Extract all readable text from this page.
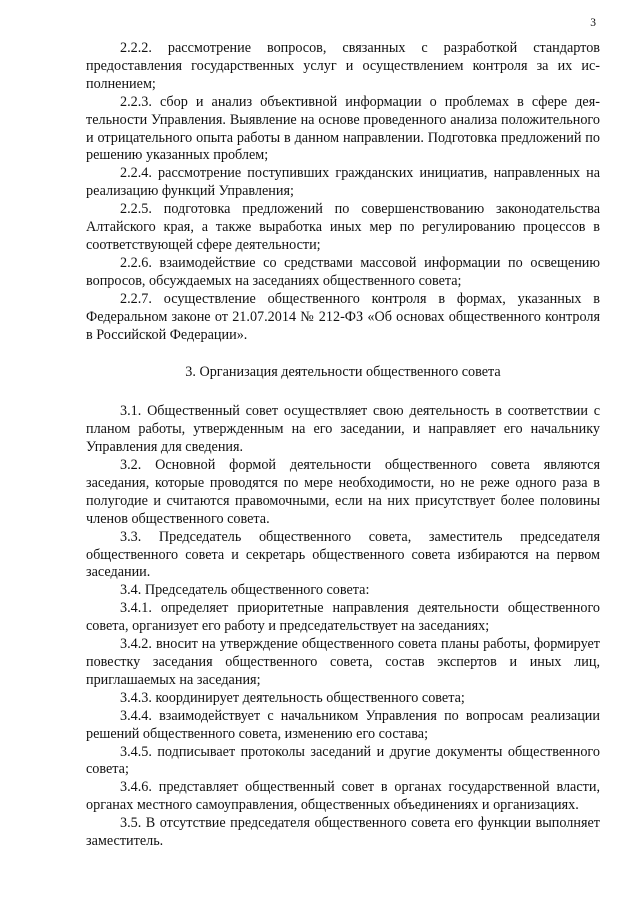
3

2.2.2. рассмотрение вопросов, связанных с разработкой стандартов предоставления государственных услуг и осуществлением контроля за их исполнением;

2.2.3. сбор и анализ объективной информации о проблемах в сфере деятельности Управления. Выявление на основе проведенного анализа положительного и отрицательного опыта работы в данном направлении. Подготовка предложений по решению указанных проблем;

2.2.4. рассмотрение поступивших гражданских инициатив, направленных на реализацию функций Управления;

2.2.5. подготовка предложений по совершенствованию законодательства Алтайского края, а также выработка иных мер по регулированию процессов в соответствующей сфере деятельности;

2.2.6. взаимодействие со средствами массовой информации по освещению вопросов, обсуждаемых на заседаниях общественного совета;

2.2.7. осуществление общественного контроля в формах, указанных в Федеральном законе от 21.07.2014 № 212-ФЗ «Об основах общественного контроля в Российской Федерации».

3. Организация деятельности общественного совета

3.1. Общественный совет осуществляет свою деятельность в соответствии с планом работы, утвержденным на его заседании, и направляет его начальнику Управления для сведения.

3.2. Основной формой деятельности общественного совета являются заседания, которые проводятся по мере необходимости, но не реже одного раза в полугодие и считаются правомочными, если на них присутствует более половины членов общественного совета.

3.3. Председатель общественного совета, заместитель председателя общественного совета и секретарь общественного совета избираются на первом заседании.

3.4. Председатель общественного совета:

3.4.1. определяет приоритетные направления деятельности общественного совета, организует его работу и председательствует на заседаниях;

3.4.2. вносит на утверждение общественного совета планы работы, формирует повестку заседания общественного совета, состав экспертов и иных лиц, приглашаемых на заседания;

3.4.3. координирует деятельность общественного совета;

3.4.4. взаимодействует с начальником Управления по вопросам реализации решений общественного совета, изменению его состава;

3.4.5. подписывает протоколы заседаний и другие документы общественного совета;

3.4.6. представляет общественный совет в органах государственной власти, органах местного самоуправления, общественных объединениях и организациях.

3.5. В отсутствие председателя общественного совета его функции выполняет заместитель.
